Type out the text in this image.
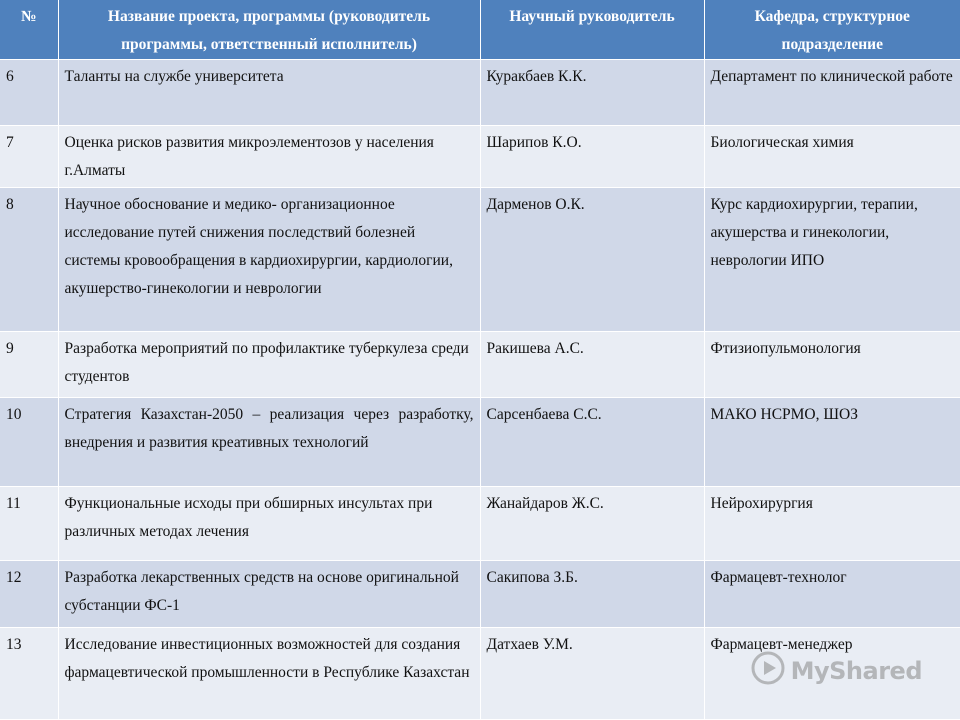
№	Название проекта, программы (руководитель программы, ответственный исполнитель)	Научный руководитель	Кафедра, структурное подразделение
6	Таланты на службе университета	Куракбаев К.К.	Департамент по клинической работе
7	Оценка рисков развития микроэлементозов у населения г.Алматы	Шарипов К.О.	Биологическая химия
8	Научное обоснование и медико- организационное исследование путей снижения последствий болезней системы кровообращения в кардиохирургии, кардиологии, акушерство-гинекологии и неврологии	Дарменов О.К.	Курс кардиохирургии, терапии, акушерства и гинекологии, неврологии ИПО
9	Разработка мероприятий по профилактике туберкулеза среди студентов	Ракишева А.С.	Фтизиопульмонология
10	Стратегия Казахстан-2050 – реализация через разработку, внедрения и развития креативных технологий	Сарсенбаева С.С.	МАКО НСРМО, ШОЗ
11	Функциональные исходы при обширных инсультах при различных методах лечения	Жанайдаров Ж.С.	Нейрохирургия
12	Разработка лекарственных средств на основе оригинальной субстанции ФС-1	Сакипова З.Б.	Фармацевт-технолог
13	Исследование инвестиционных возможностей для создания фармацевтической промышленности в Республике Казахстан	Датхаев У.М.	Фармацевт-менеджер
MyShared
